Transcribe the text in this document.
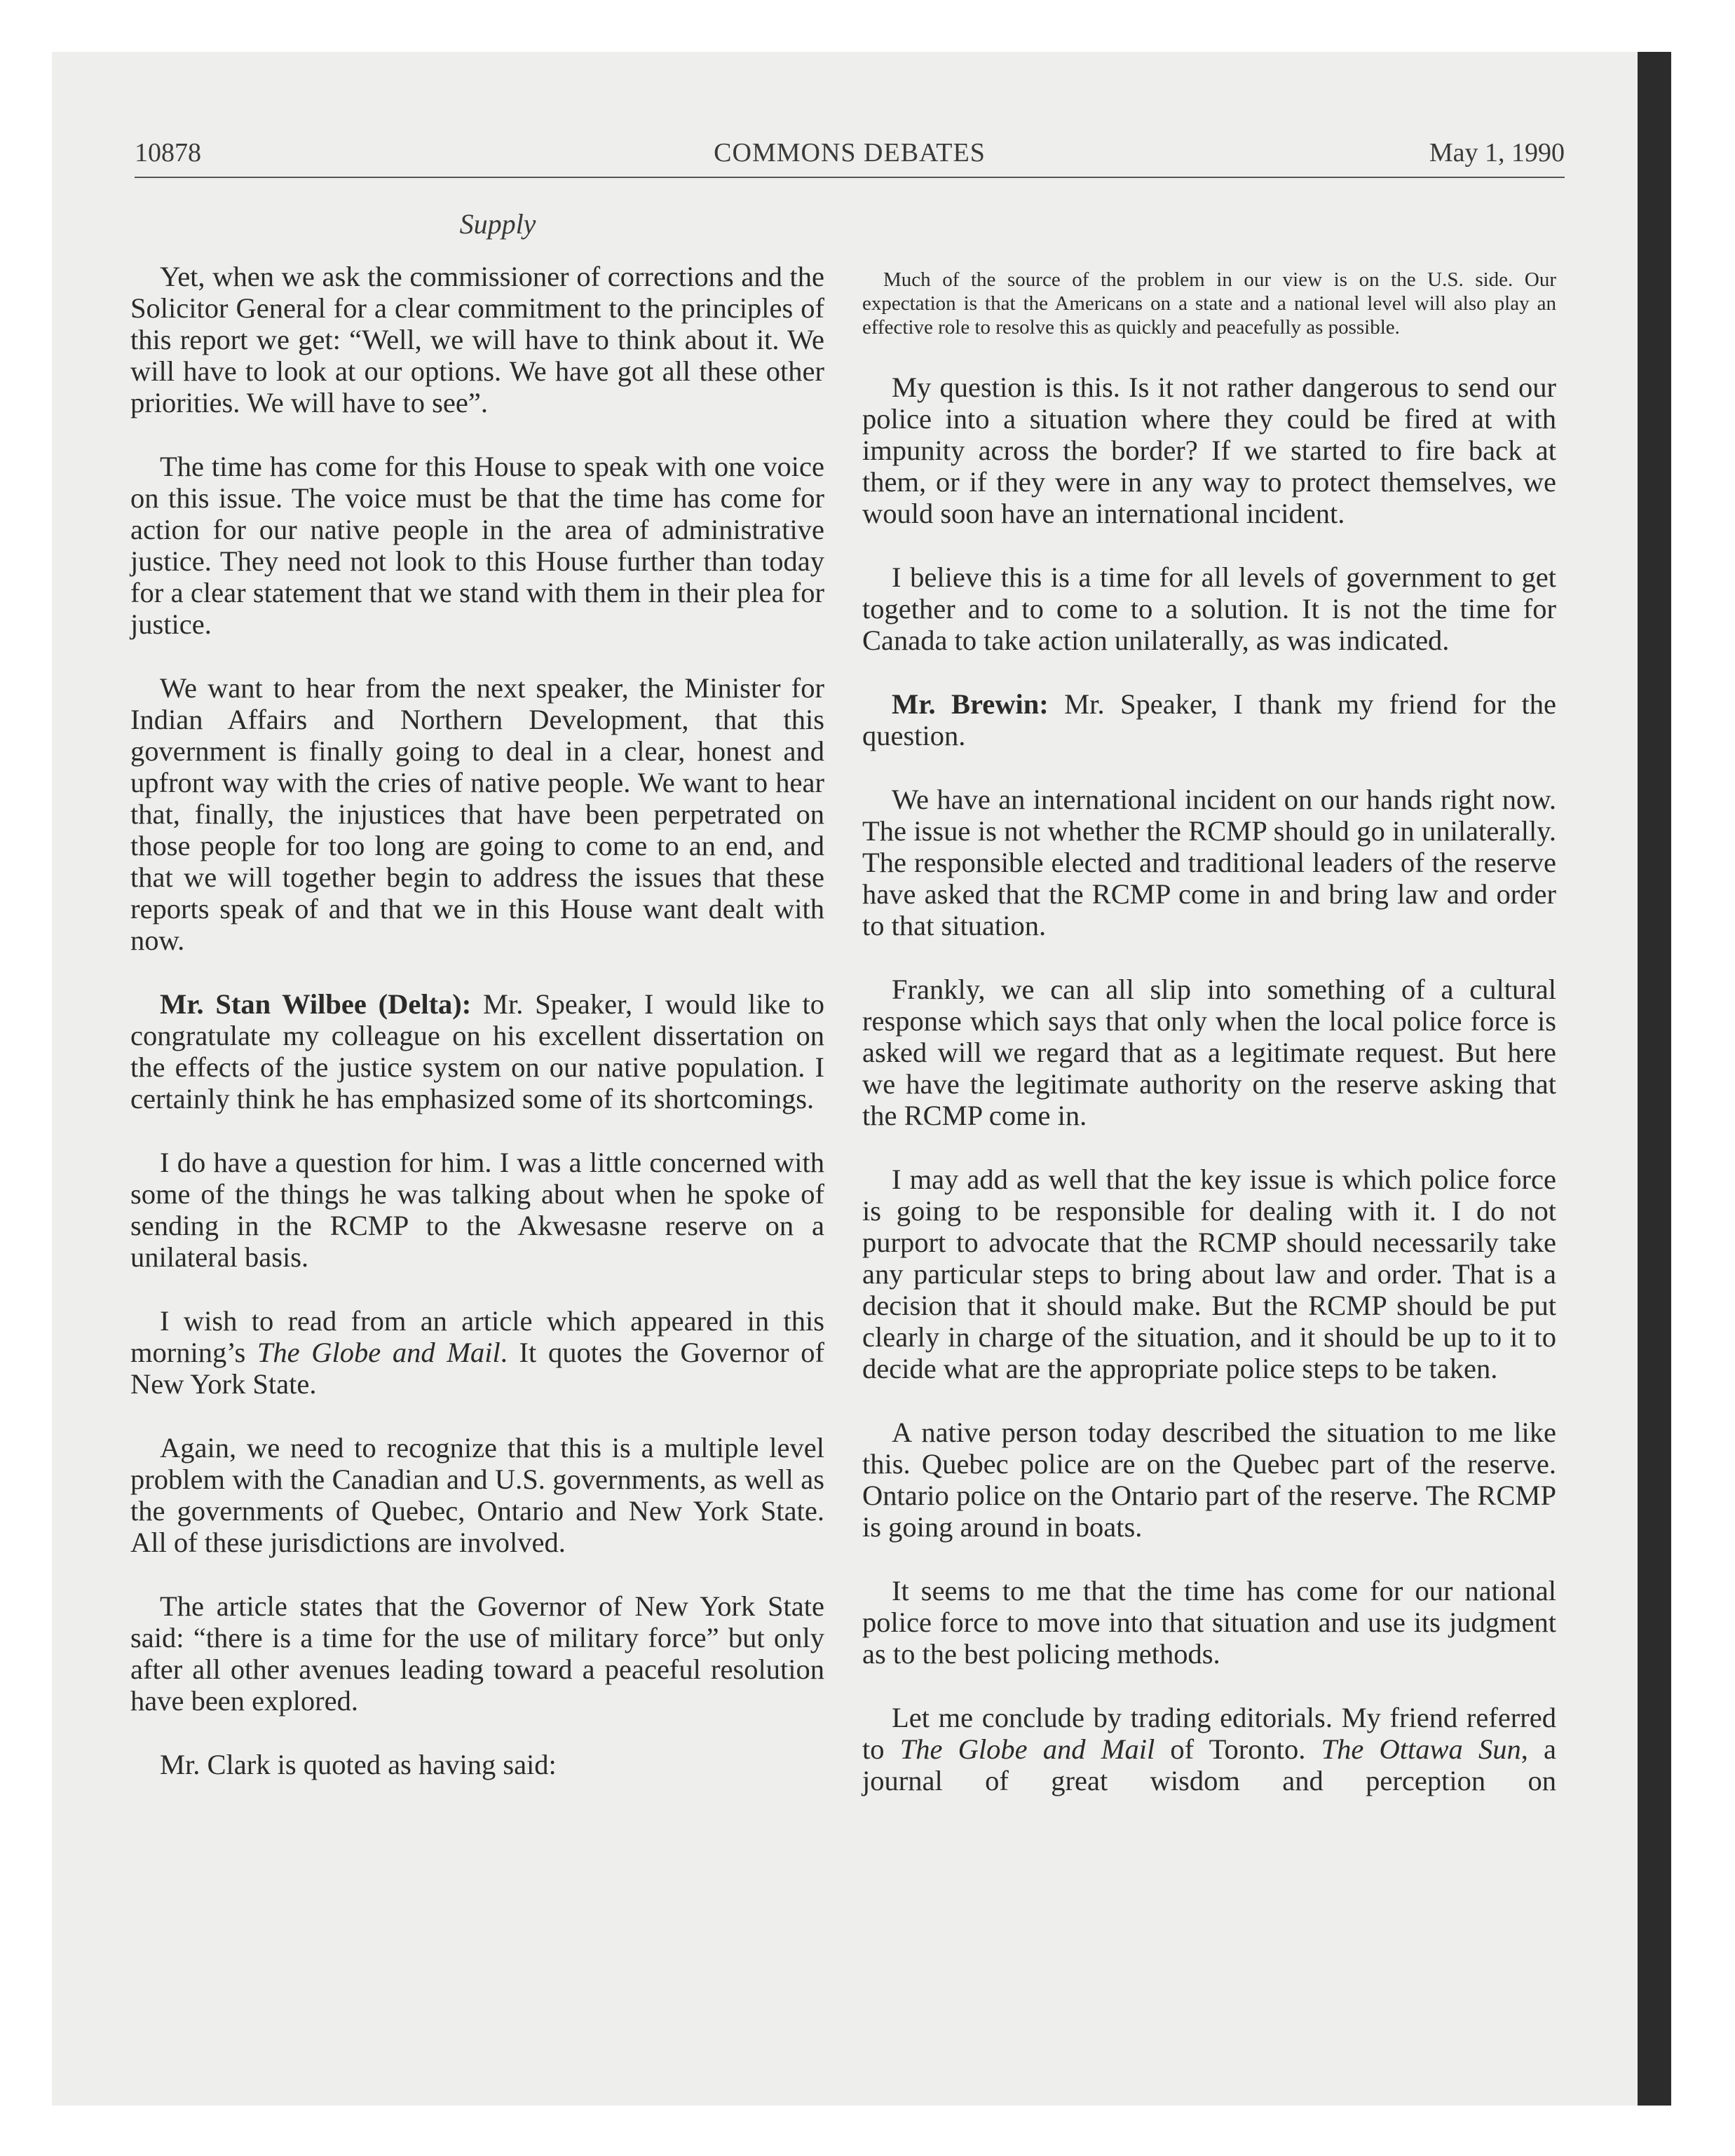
10878	COMMONS DEBATES	May 1, 1990
Supply

Yet, when we ask the commissioner of corrections and the Solicitor General for a clear commitment to the principles of this report we get: “Well, we will have to think about it. We will have to look at our options. We have got all these other priorities. We will have to see”.

The time has come for this House to speak with one voice on this issue. The voice must be that the time has come for action for our native people in the area of administrative justice. They need not look to this House further than today for a clear statement that we stand with them in their plea for justice.

We want to hear from the next speaker, the Minister for Indian Affairs and Northern Development, that this government is finally going to deal in a clear, honest and upfront way with the cries of native people. We want to hear that, finally, the injustices that have been perpetrated on those people for too long are going to come to an end, and that we will together begin to address the issues that these reports speak of and that we in this House want dealt with now.

Mr. Stan Wilbee (Delta): Mr. Speaker, I would like to congratulate my colleague on his excellent dissertation on the effects of the justice system on our native population. I certainly think he has emphasized some of its shortcomings.

I do have a question for him. I was a little concerned with some of the things he was talking about when he spoke of sending in the RCMP to the Akwesasne reserve on a unilateral basis.

I wish to read from an article which appeared in this morning’s The Globe and Mail. It quotes the Governor of New York State.

Again, we need to recognize that this is a multiple level problem with the Canadian and U.S. governments, as well as the governments of Quebec, Ontario and New York State. All of these jurisdictions are involved.

The article states that the Governor of New York State said: “there is a time for the use of military force” but only after all other avenues leading toward a peaceful resolution have been explored.

Mr. Clark is quoted as having said:

Much of the source of the problem in our view is on the U.S. side. Our expectation is that the Americans on a state and a national level will also play an effective role to resolve this as quickly and peacefully as possible.

My question is this. Is it not rather dangerous to send our police into a situation where they could be fired at with impunity across the border? If we started to fire back at them, or if they were in any way to protect themselves, we would soon have an international incident.

I believe this is a time for all levels of government to get together and to come to a solution. It is not the time for Canada to take action unilaterally, as was indicated.

Mr. Brewin: Mr. Speaker, I thank my friend for the question.

We have an international incident on our hands right now. The issue is not whether the RCMP should go in unilaterally. The responsible elected and traditional leaders of the reserve have asked that the RCMP come in and bring law and order to that situation.

Frankly, we can all slip into something of a cultural response which says that only when the local police force is asked will we regard that as a legitimate request. But here we have the legitimate authority on the reserve asking that the RCMP come in.

I may add as well that the key issue is which police force is going to be responsible for dealing with it. I do not purport to advocate that the RCMP should necessarily take any particular steps to bring about law and order. That is a decision that it should make. But the RCMP should be put clearly in charge of the situation, and it should be up to it to decide what are the appropriate police steps to be taken.

A native person today described the situation to me like this. Quebec police are on the Quebec part of the reserve. Ontario police on the Ontario part of the reserve. The RCMP is going around in boats.

It seems to me that the time has come for our national police force to move into that situation and use its judgment as to the best policing methods.

Let me conclude by trading editorials. My friend referred to The Globe and Mail of Toronto. The Ottawa Sun, a journal of great wisdom and perception on
